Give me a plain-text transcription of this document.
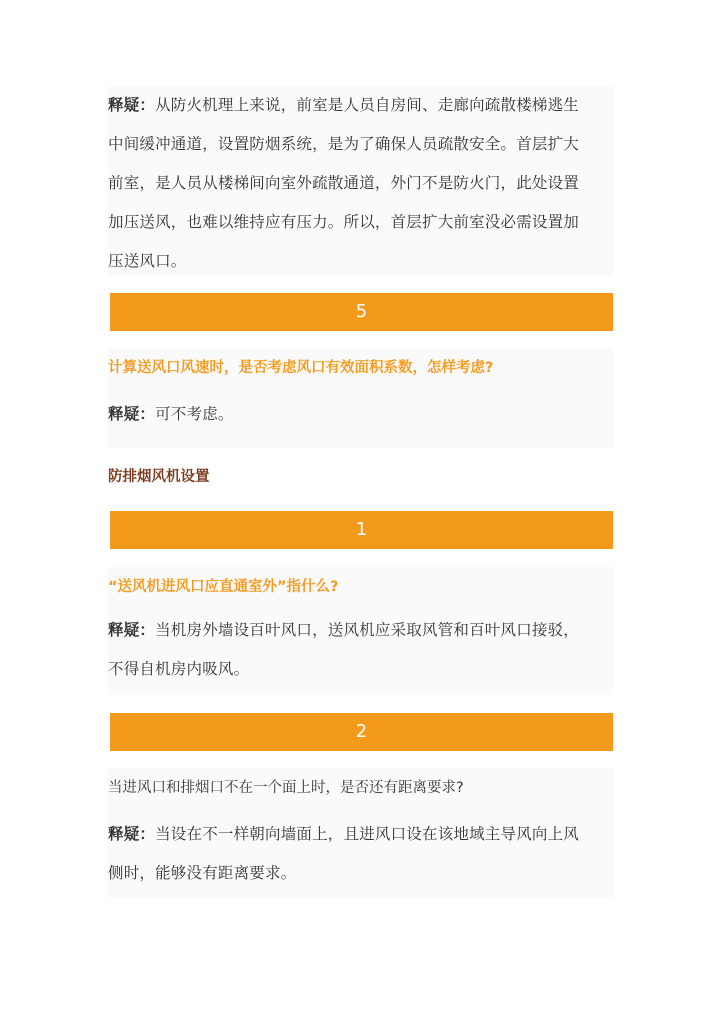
释疑：从防火机理上来说，前室是人员自房间、走廊向疏散楼梯逃生

中间缓冲通道，设置防烟系统，是为了确保人员疏散安全。首层扩大

前室，是人员从楼梯间向室外疏散通道，外门不是防火门，此处设置

加压送风，也难以维持应有压力。所以，首层扩大前室没必需设置加

压送风口。

5

计算送风口风速时，是否考虑风口有效面积系数，怎样考虑?

释疑：可不考虑。

防排烟风机设置

1

“送风机进风口应直通室外”指什么?

释疑：当机房外墙设百叶风口，送风机应采取风管和百叶风口接驳，

不得自机房内吸风。

2

当进风口和排烟口不在一个面上时，是否还有距离要求?

释疑：当设在不一样朝向墙面上，且进风口设在该地域主导风向上风

侧时，能够没有距离要求。
